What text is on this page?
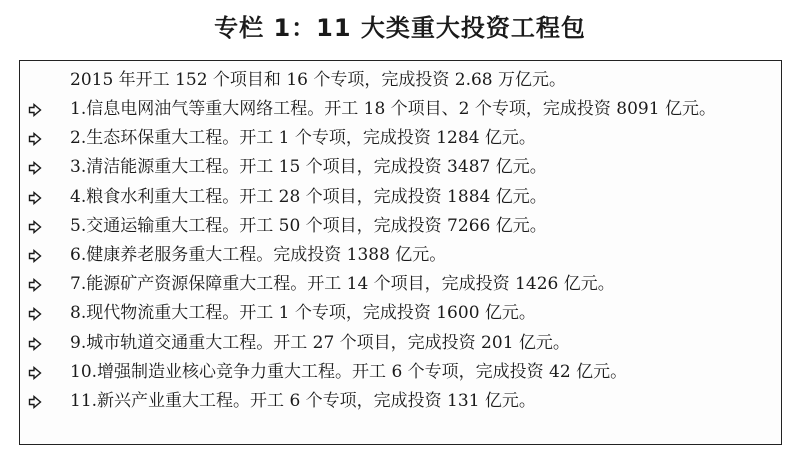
专栏 1：11 大类重大投资工程包
2015 年开工 152 个项目和 16 个专项，完成投资 2.68 万亿元。
1.信息电网油气等重大网络工程。开工 18 个项目、2 个专项，完成投资 8091 亿元。
2.生态环保重大工程。开工 1 个专项，完成投资 1284 亿元。
3.清洁能源重大工程。开工 15 个项目，完成投资 3487 亿元。
4.粮食水利重大工程。开工 28 个项目，完成投资 1884 亿元。
5.交通运输重大工程。开工 50 个项目，完成投资 7266 亿元。
6.健康养老服务重大工程。完成投资 1388 亿元。
7.能源矿产资源保障重大工程。开工 14 个项目，完成投资 1426 亿元。
8.现代物流重大工程。开工 1 个专项，完成投资 1600 亿元。
9.城市轨道交通重大工程。开工 27 个项目，完成投资 201 亿元。
10.增强制造业核心竞争力重大工程。开工 6 个专项，完成投资 42 亿元。
11.新兴产业重大工程。开工 6 个专项，完成投资 131 亿元。
